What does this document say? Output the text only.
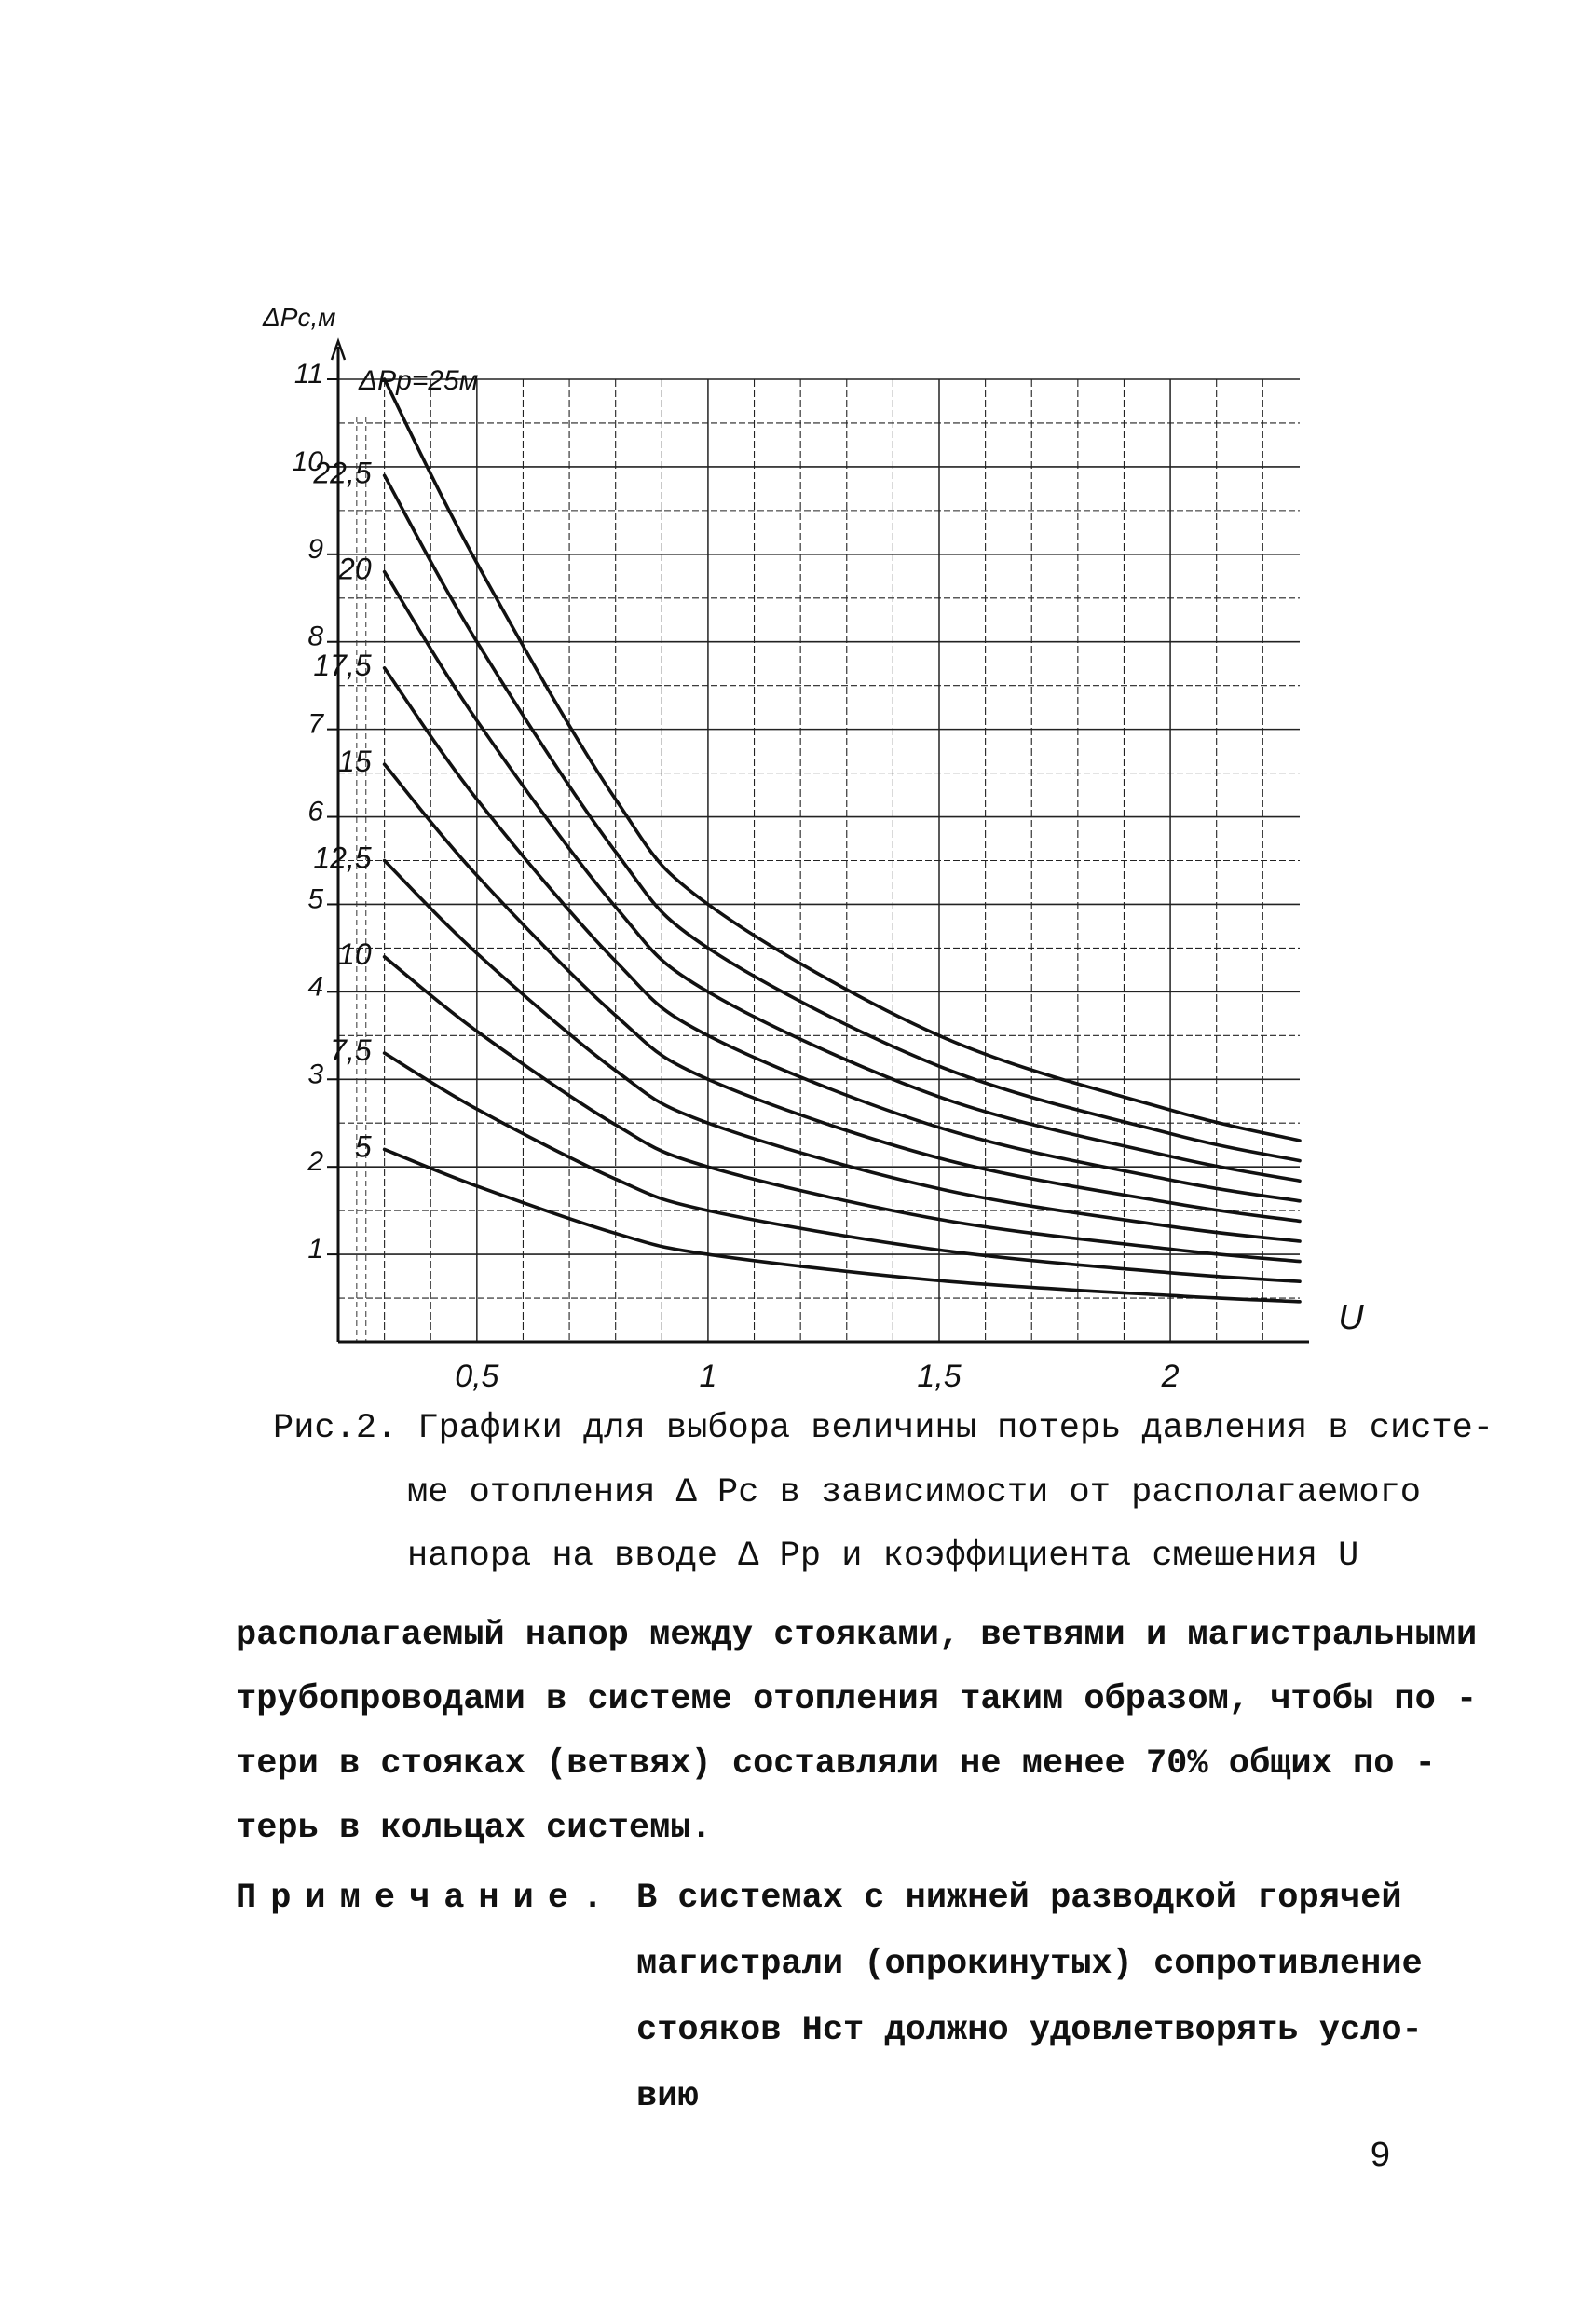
1
2
3
4
5
6
7
8
9
10
11
ΔPс,м
0,5	1	1,5	2
U
ΔPp=25м
22,5
20
17,5
15
12,5
10
7,5
5
Рис.2. Графики для выбора величины потерь давления в систе-
ме отопления Δ Pс в зависимости от располагаемого
напора на вводе Δ Pр и коэффициента смешения U
располагаемый напор между стояками, ветвями и магистральными
трубопроводами в системе отопления таким образом, чтобы по -
тери в стояках (ветвях) составляли не менее 70% общих по -
терь в кольцах системы.
Примечание. В системах с нижней разводкой горячей
магистрали (опрокинутых) сопротивление
стояков Нст должно удовлетворять усло-
вию
9
